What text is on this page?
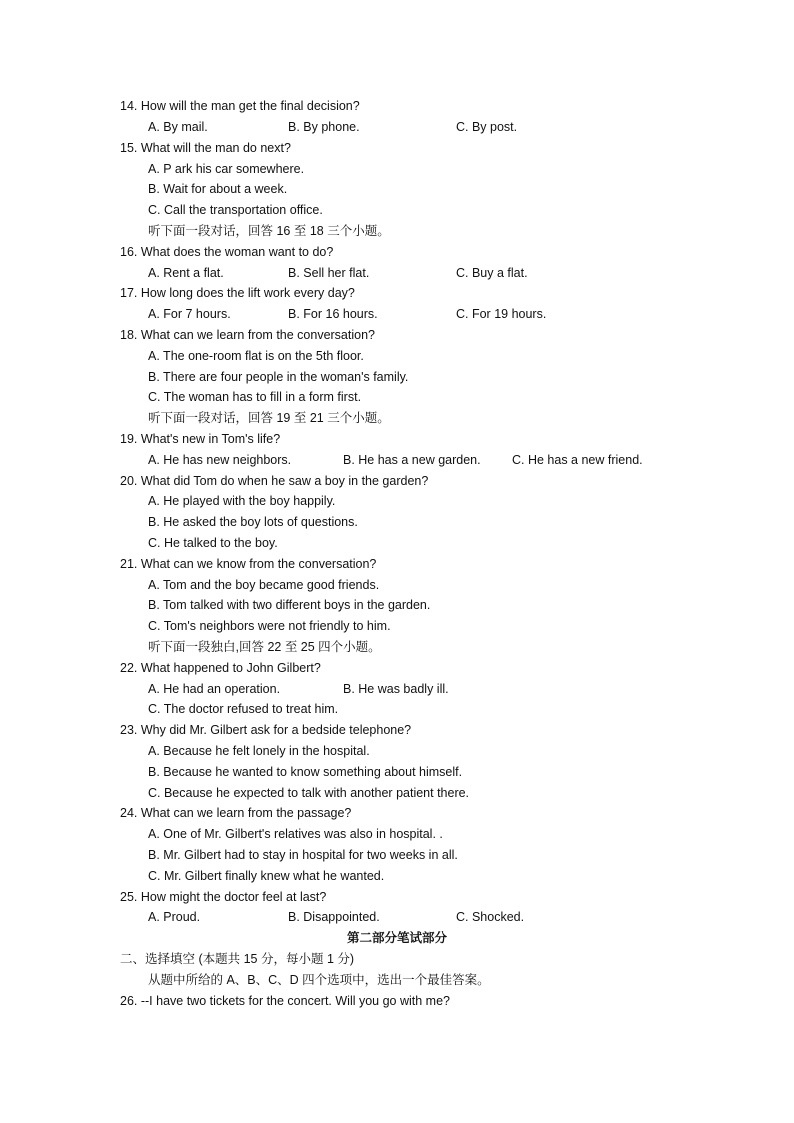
14. How will the man get the final decision?
A. By mail.	B. By phone.	C. By post.
15. What will the man do next?
A. P ark his car somewhere.
B. Wait for about a week.
C. Call the transportation office.
听下面一段对话，回答 16 至 18 三个小题。
16. What does the woman want to do?
A. Rent a flat.	B. Sell her flat.	C. Buy a flat.
17. How long does the lift work every day?
A. For 7 hours.	B. For 16 hours.	C. For 19 hours.
18. What can we learn from the conversation?
A. The one-room flat is on the 5th floor.
B. There are four people in the woman's family.
C. The woman has to fill in a form first.
听下面一段对话，回答 19 至 21 三个小题。
19. What's new in Tom's life?
A. He has new neighbors.	B. He has a new garden.	C. He has a new friend.
20. What did Tom do when he saw a boy in the garden?
A. He played with the boy happily.
B. He asked the boy lots of questions.
C. He talked to the boy.
21. What can we know from the conversation?
A. Tom and the boy became good friends.
B. Tom talked with two different boys in the garden.
C. Tom's neighbors were not friendly to him.
听下面一段独白,回答 22 至 25 四个小题。
22. What happened to John Gilbert?
A. He had an operation.	B. He was badly ill.
C. The doctor refused to treat him.
23. Why did Mr. Gilbert ask for a bedside telephone?
A. Because he felt lonely in the hospital.
B. Because he wanted to know something about himself.
C. Because he expected to talk with another patient there.
24. What can we learn from the passage?
A. One of Mr. Gilbert's relatives was also in hospital. .
B. Mr. Gilbert had to stay in hospital for two weeks in all.
C. Mr. Gilbert finally knew what he wanted.
25. How might the doctor feel at last?
A. Proud.	B. Disappointed.	C. Shocked.
第二部分笔试部分
二、选择填空 (本题共 15 分，每小题 1 分)
从题中所给的 A、B、C、D 四个选项中，选出一个最佳答案。
26. --I have two tickets for the concert. Will you go with me?
